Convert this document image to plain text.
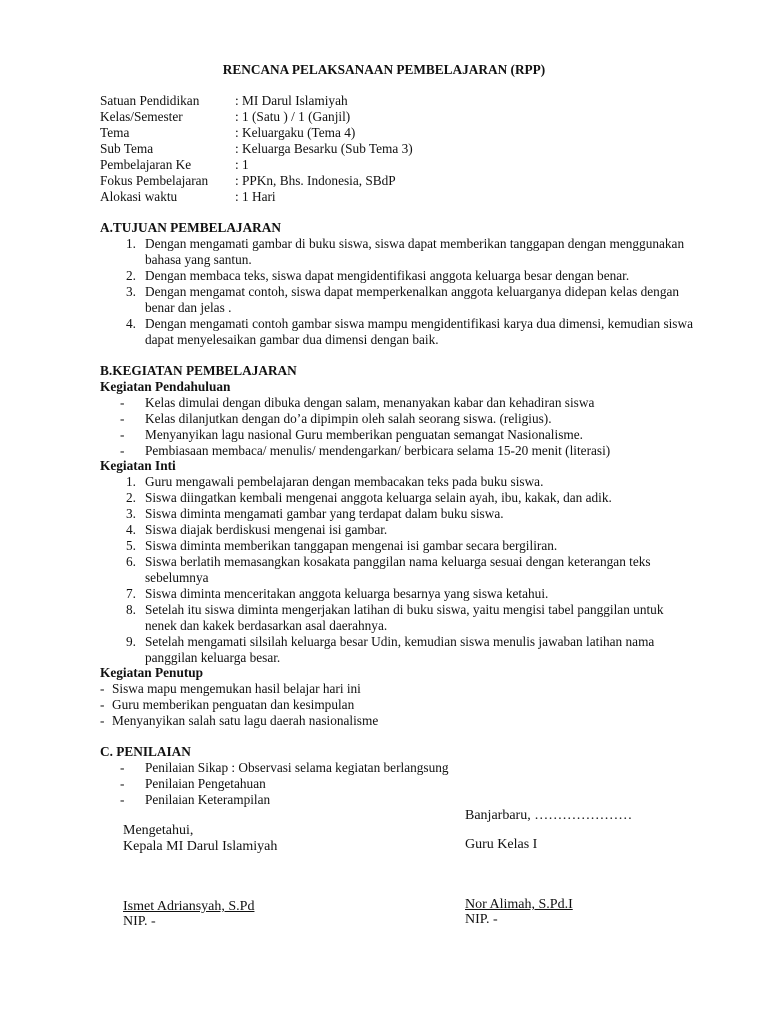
RENCANA PELAKSANAAN PEMBELAJARAN (RPP)
Satuan Pendidikan	: MI Darul Islamiyah
Kelas/Semester	: 1 (Satu ) / 1 (Ganjil)
Tema	: Keluargaku (Tema 4)
Sub Tema	: Keluarga Besarku (Sub Tema 3)
Pembelajaran Ke	: 1
Fokus Pembelajaran : PPKn, Bhs. Indonesia, SBdP
Alokasi waktu	: 1 Hari
A.TUJUAN PEMBELAJARAN
1. Dengan mengamati gambar di buku siswa, siswa dapat memberikan tanggapan dengan menggunakan
bahasa yang santun.
2. Dengan membaca teks, siswa dapat mengidentifikasi anggota keluarga besar dengan benar.
3. Dengan mengamat contoh, siswa dapat memperkenalkan anggota keluarganya didepan kelas dengan
benar dan jelas .
4. Dengan mengamati contoh gambar siswa mampu mengidentifikasi karya dua dimensi, kemudian siswa
dapat menyelesaikan gambar dua dimensi dengan baik.
B.KEGIATAN PEMBELAJARAN
Kegiatan Pendahuluan
- Kelas dimulai dengan dibuka dengan salam, menanyakan kabar dan kehadiran siswa
- Kelas dilanjutkan dengan do’a dipimpin oleh salah seorang siswa. (religius).
- Menyanyikan lagu nasional Guru memberikan penguatan semangat Nasionalisme.
- Pembiasaan membaca/ menulis/ mendengarkan/ berbicara selama 15-20 menit (literasi)
Kegiatan Inti
1. Guru mengawali pembelajaran dengan membacakan teks pada buku siswa.
2. Siswa diingatkan kembali mengenai anggota keluarga selain ayah, ibu, kakak, dan adik.
3. Siswa diminta mengamati gambar yang terdapat dalam buku siswa.
4. Siswa diajak berdiskusi mengenai isi gambar.
5. Siswa diminta memberikan tanggapan mengenai isi gambar secara bergiliran.
6. Siswa berlatih memasangkan kosakata panggilan nama keluarga sesuai dengan keterangan teks
sebelumnya
7. Siswa diminta menceritakan anggota keluarga besarnya yang siswa ketahui.
8. Setelah itu siswa diminta mengerjakan latihan di buku siswa, yaitu mengisi tabel panggilan untuk
nenek dan kakek berdasarkan asal daerahnya.
9. Setelah mengamati silsilah keluarga besar Udin, kemudian siswa menulis jawaban latihan nama
panggilan keluarga besar.
Kegiatan Penutup
- Siswa mapu mengemukan hasil belajar hari ini
- Guru memberikan penguatan dan kesimpulan
- Menyanyikan salah satu lagu daerah nasionalisme
C. PENILAIAN
- Penilaian Sikap : Observasi selama kegiatan berlangsung
- Penilaian Pengetahuan
- Penilaian Keterampilan
Banjarbaru, …………………
Mengetahui,
Kepala MI Darul Islamiyah	Guru Kelas I
Ismet Adriansyah, S.Pd
NIP. -
Nor Alimah, S.Pd.I
NIP. -
